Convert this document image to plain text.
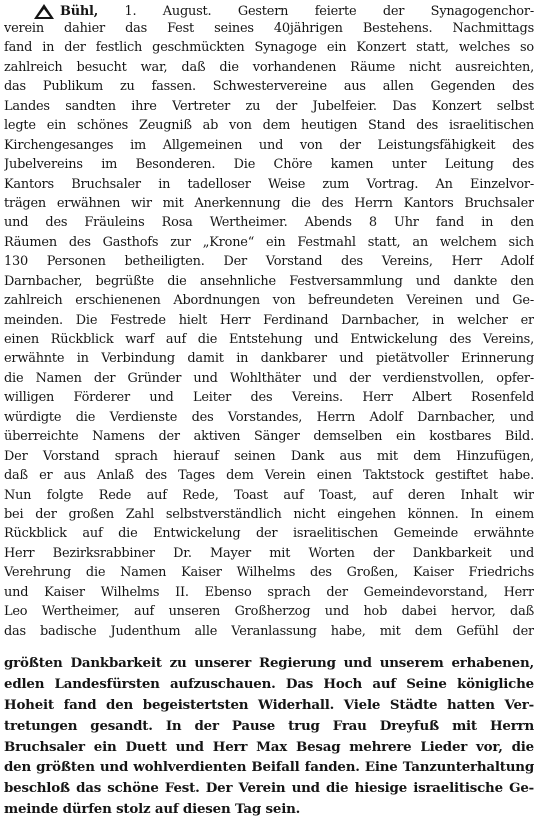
Bühl, 1. August. Gestern feierte der Synagogenchor-
verein dahier das Fest seines 40jährigen Bestehens. Nachmittags
fand in der festlich geschmückten Synagoge ein Konzert statt, welches so
zahlreich besucht war, daß die vorhandenen Räume nicht ausreichten,
das Publikum zu fassen. Schwestervereine aus allen Gegenden des
Landes sandten ihre Vertreter zu der Jubelfeier. Das Konzert selbst
legte ein schönes Zeugniß ab von dem heutigen Stand des israelitischen
Kirchengesanges im Allgemeinen und von der Leistungsfähigkeit des
Jubelvereins im Besonderen. Die Chöre kamen unter Leitung des
Kantors Bruchsaler in tadelloser Weise zum Vortrag. An Einzelvor-
trägen erwähnen wir mit Anerkennung die des Herrn Kantors Bruchsaler
und des Fräuleins Rosa Wertheimer. Abends 8 Uhr fand in den
Räumen des Gasthofs zur „Krone“ ein Festmahl statt, an welchem sich
130 Personen betheiligten. Der Vorstand des Vereins, Herr Adolf
Darnbacher, begrüßte die ansehnliche Festversammlung und dankte den
zahlreich erschienenen Abordnungen von befreundeten Vereinen und Ge-
meinden. Die Festrede hielt Herr Ferdinand Darnbacher, in welcher er
einen Rückblick warf auf die Entstehung und Entwickelung des Vereins,
erwähnte in Verbindung damit in dankbarer und pietätvoller Erinnerung
die Namen der Gründer und Wohlthäter und der verdienstvollen, opfer-
willigen Förderer und Leiter des Vereins. Herr Albert Rosenfeld
würdigte die Verdienste des Vorstandes, Herrn Adolf Darnbacher, und
überreichte Namens der aktiven Sänger demselben ein kostbares Bild.
Der Vorstand sprach hierauf seinen Dank aus mit dem Hinzufügen,
daß er aus Anlaß des Tages dem Verein einen Taktstock gestiftet habe.
Nun folgte Rede auf Rede, Toast auf Toast, auf deren Inhalt wir
bei der großen Zahl selbstverständlich nicht eingehen können. In einem
Rückblick auf die Entwickelung der israelitischen Gemeinde erwähnte
Herr Bezirksrabbiner Dr. Mayer mit Worten der Dankbarkeit und
Verehrung die Namen Kaiser Wilhelms des Großen, Kaiser Friedrichs
und Kaiser Wilhelms II. Ebenso sprach der Gemeindevorstand, Herr
Leo Wertheimer, auf unseren Großherzog und hob dabei hervor, daß
das badische Judenthum alle Veranlassung habe, mit dem Gefühl der
größten Dankbarkeit zu unserer Regierung und unserem erhabenen,
edlen Landesfürsten aufzuschauen. Das Hoch auf Seine königliche
Hoheit fand den begeistertsten Widerhall. Viele Städte hatten Ver-
tretungen gesandt. In der Pause trug Frau Dreyfuß mit Herrn
Bruchsaler ein Duett und Herr Max Besag mehrere Lieder vor, die
den größten und wohlverdienten Beifall fanden. Eine Tanzunterhaltung
beschloß das schöne Fest. Der Verein und die hiesige israelitische Ge-
meinde dürfen stolz auf diesen Tag sein.
